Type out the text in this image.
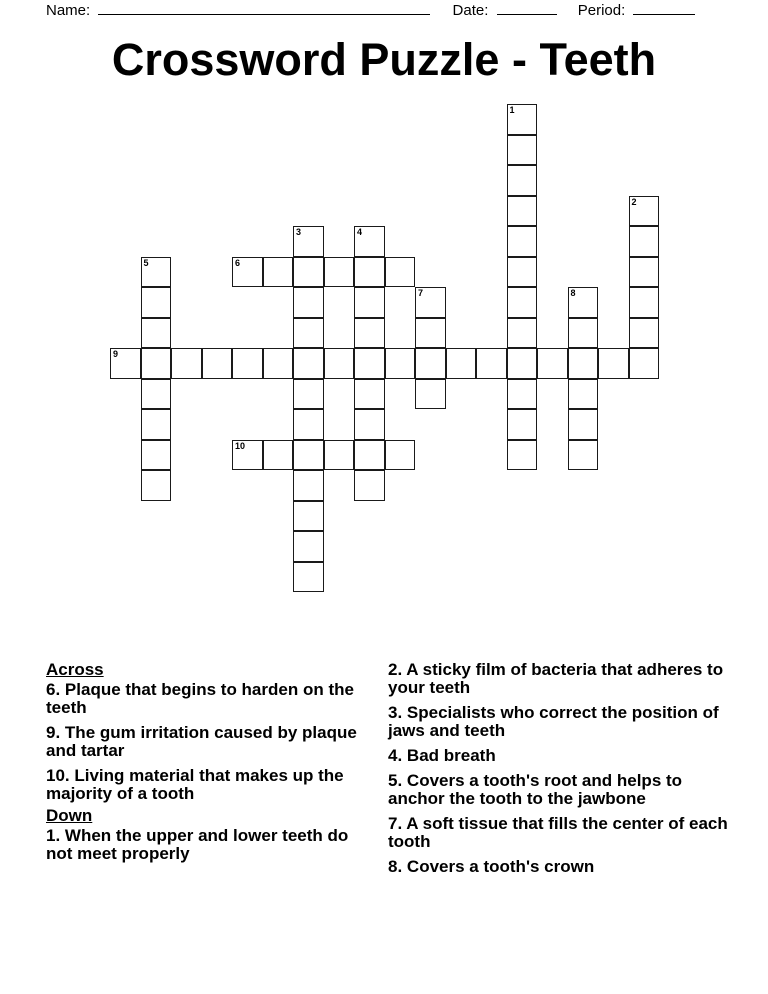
Name:	Date:	Period:
Crossword Puzzle - Teeth
1
2
3	4
5	6
7	8
9
10
Across
6. Plaque that begins to harden on the teeth
9. The gum irritation caused by plaque and tartar
10. Living material that makes up the majority of a tooth
Down
1. When the upper and lower teeth do not meet properly
2. A sticky film of bacteria that adheres to your teeth
3. Specialists who correct the position of jaws and teeth
4. Bad breath
5. Covers a tooth's root and helps to anchor the tooth to the jawbone
7. A soft tissue that fills the center of each tooth
8. Covers a tooth's crown
